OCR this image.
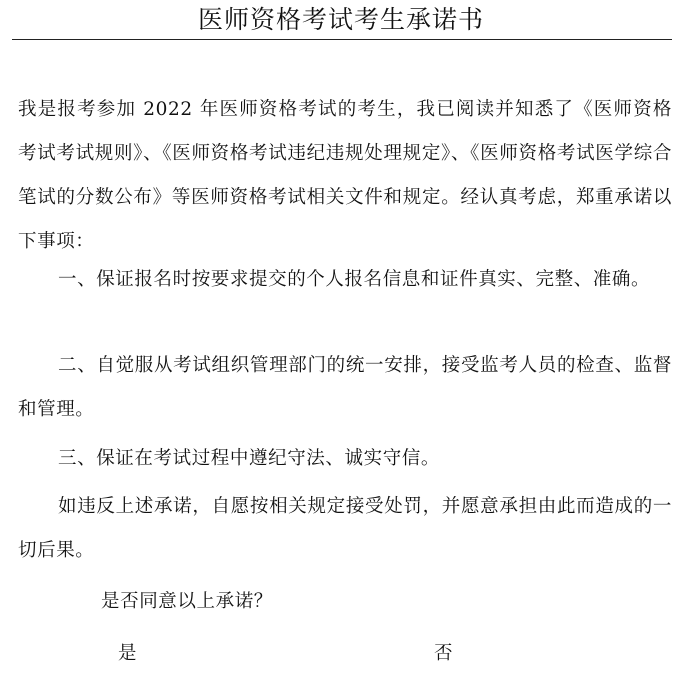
医师资格考试考生承诺书

我是报考参加 2022 年医师资格考试的考生，我已阅读并知悉了《医师资格考试考试规则》、《医师资格考试违纪违规处理规定》、《医师资格考试医学综合笔试的分数公布》等医师资格考试相关文件和规定。经认真考虑，郑重承诺以下事项：

一、保证报名时按要求提交的个人报名信息和证件真实、完整、准确。

二、自觉服从考试组织管理部门的统一安排，接受监考人员的检查、监督和管理。

三、保证在考试过程中遵纪守法、诚实守信。

如违反上述承诺，自愿按相关规定接受处罚，并愿意承担由此而造成的一切后果。

是否同意以上承诺？

是	否
